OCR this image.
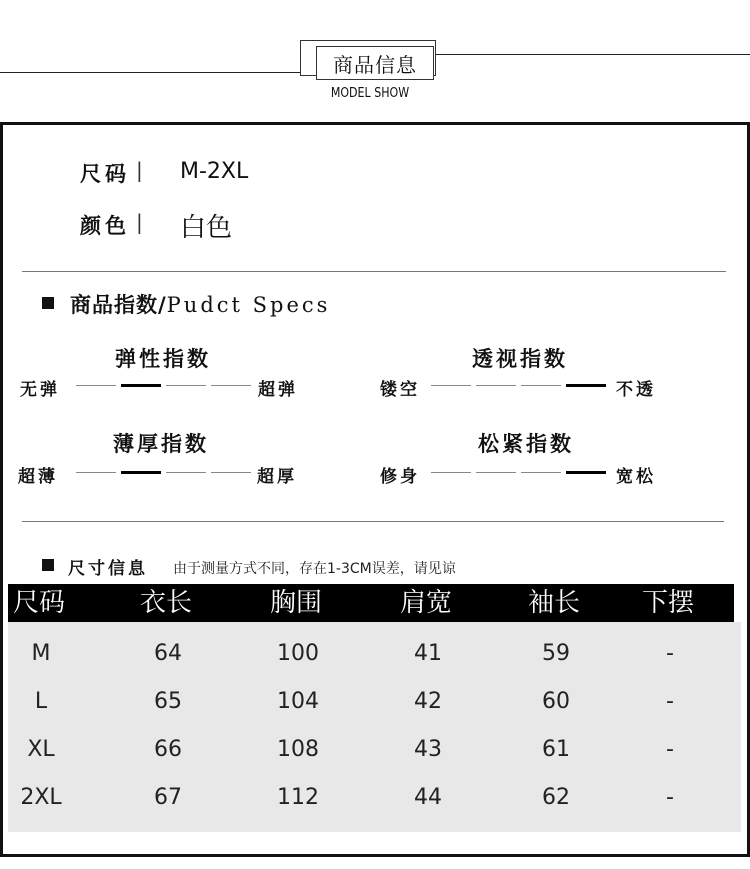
商品信息
MODEL SHOW
尺码 | M-2XL
颜色 | 白色
商品指数/Pudct Specs
弹性指数
无弹	超弹
透视指数
镂空	不透
薄厚指数
超薄	超厚
松紧指数
修身	宽松
尺寸信息 由于测量方式不同，存在1-3CM误差，请见谅
尺码	衣长	胸围	肩宽	袖长	下摆
M	64	100	41	59	-
L	65	104	42	60	-
XL	66	108	43	61	-
2XL	67	112	44	62	-
